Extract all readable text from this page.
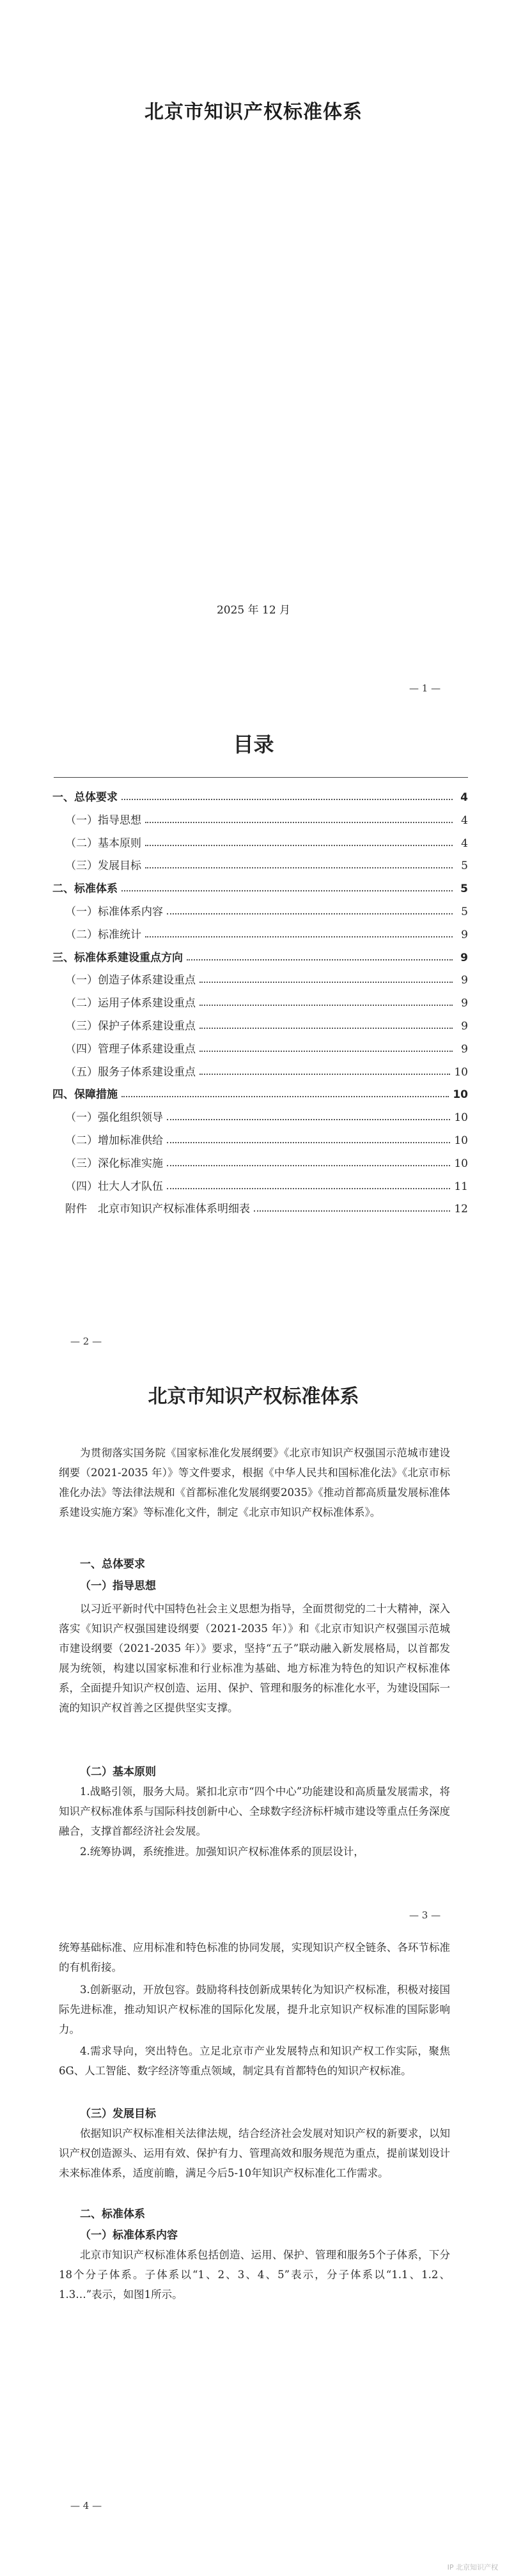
北京市知识产权标准体系
2025 年 12 月
— 1 —
目录
一、总体要求	4
（一）指导思想	4
（二）基本原则	4
（三）发展目标	5
二、标准体系	5
（一）标准体系内容	5
（二）标准统计	9
三、标准体系建设重点方向	9
（一）创造子体系建设重点	9
（二）运用子体系建设重点	9
（三）保护子体系建设重点	9
（四）管理子体系建设重点	9
（五）服务子体系建设重点	10
四、保障措施	10
（一）强化组织领导	10
（二）增加标准供给	10
（三）深化标准实施	10
（四）壮大人才队伍	11
附件　北京市知识产权标准体系明细表	12
— 2 —
北京市知识产权标准体系
为贯彻落实国务院《国家标准化发展纲要》《北京市知识产权强国示范城市建设纲要（2021-2035 年）》等文件要求，根据《中华人民共和国标准化法》《北京市标准化办法》等法律法规和《首都标准化发展纲要2035》《推动首都高质量发展标准体系建设实施方案》等标准化文件，制定《北京市知识产权标准体系》。
一、总体要求
（一）指导思想
以习近平新时代中国特色社会主义思想为指导，全面贯彻党的二十大精神，深入落实《知识产权强国建设纲要（2021-2035 年）》和《北京市知识产权强国示范城市建设纲要（2021-2035 年）》要求，坚持“五子”联动融入新发展格局，以首都发展为统领，构建以国家标准和行业标准为基础、地方标准为特色的知识产权标准体系，全面提升知识产权创造、运用、保护、管理和服务的标准化水平，为建设国际一流的知识产权首善之区提供坚实支撑。
（二）基本原则
1.战略引领，服务大局。紧扣北京市“四个中心”功能建设和高质量发展需求，将知识产权标准体系与国际科技创新中心、全球数字经济标杆城市建设等重点任务深度融合，支撑首都经济社会发展。
2.统筹协调，系统推进。加强知识产权标准体系的顶层设计，
— 3 —
统筹基础标准、应用标准和特色标准的协同发展，实现知识产权全链条、各环节标准的有机衔接。
3.创新驱动，开放包容。鼓励将科技创新成果转化为知识产权标准，积极对接国际先进标准，推动知识产权标准的国际化发展，提升北京知识产权标准的国际影响力。
4.需求导向，突出特色。立足北京市产业发展特点和知识产权工作实际，聚焦6G、人工智能、数字经济等重点领域，制定具有首都特色的知识产权标准。
（三）发展目标
依据知识产权标准相关法律法规，结合经济社会发展对知识产权的新要求，以知识产权创造源头、运用有效、保护有力、管理高效和服务规范为重点，提前谋划设计未来标准体系，适度前瞻，满足今后5-10年知识产权标准化工作需求。
二、标准体系
（一）标准体系内容
北京市知识产权标准体系包括创造、运用、保护、管理和服务5个子体系，下分18个分子体系。子体系以“1、2、3、4、5”表示，分子体系以“1.1、1.2、1.3…”表示，如图1所示。
— 4 —
IP 北京知识产权
